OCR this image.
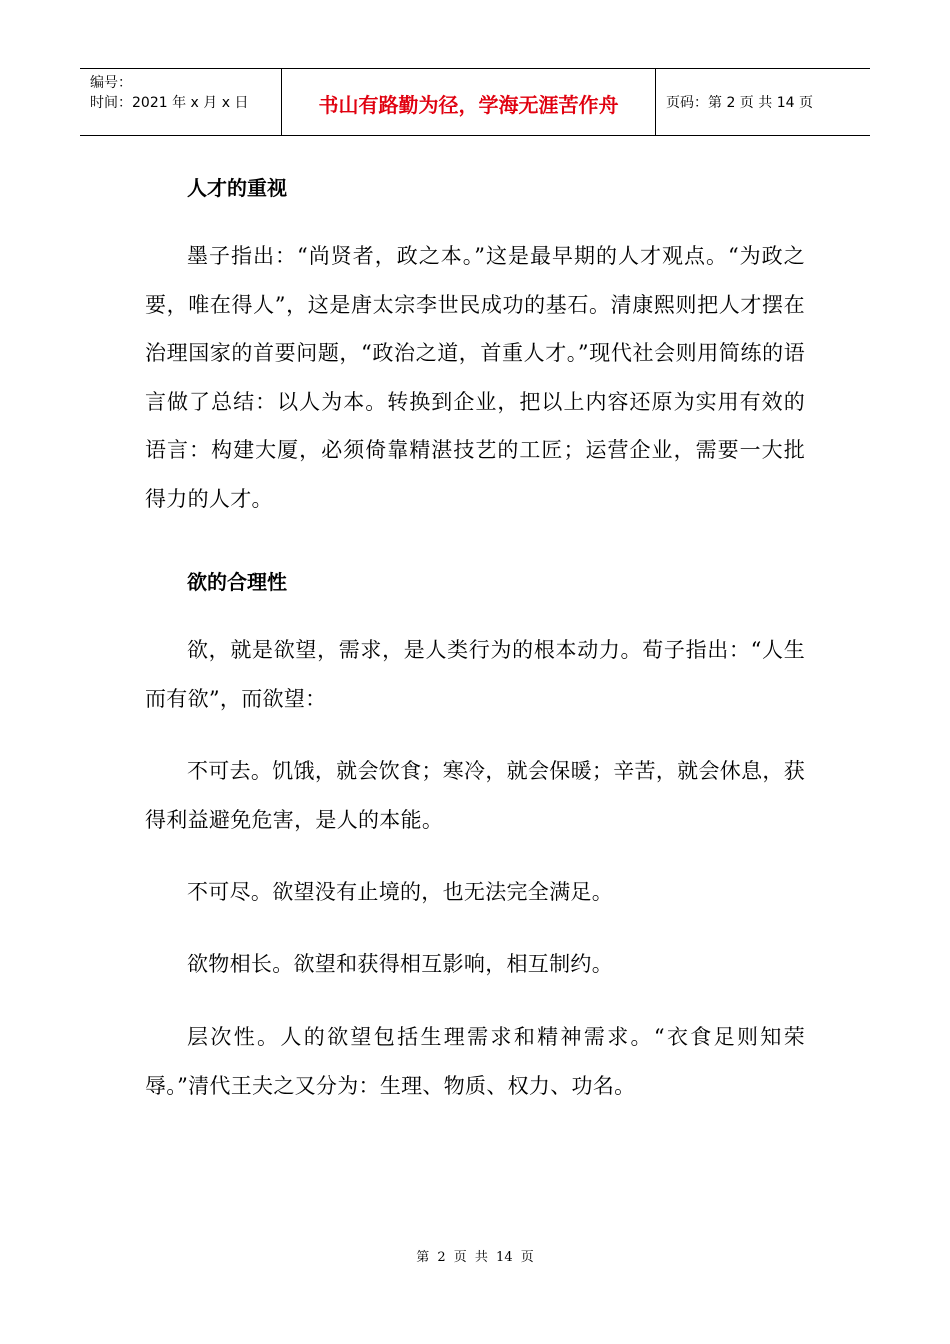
编号：
时间：2021 年 x 月 x 日	书山有路勤为径，学海无涯苦作舟	页码：第 2 页 共 14 页
人才的重视

墨子指出：“尚贤者，政之本。”这是最早期的人才观点。“为政之要，唯在得人”，这是唐太宗李世民成功的基石。清康熙则把人才摆在治理国家的首要问题，“政治之道，首重人才。”现代社会则用简练的语言做了总结：以人为本。转换到企业，把以上内容还原为实用有效的语言：构建大厦，必须倚靠精湛技艺的工匠；运营企业，需要一大批得力的人才。

欲的合理性

欲，就是欲望，需求，是人类行为的根本动力。荀子指出：“人生而有欲”，而欲望：

不可去。饥饿，就会饮食；寒冷，就会保暖；辛苦，就会休息，获得利益避免危害，是人的本能。

不可尽。欲望没有止境的，也无法完全满足。

欲物相长。欲望和获得相互影响，相互制约。

层次性。人的欲望包括生理需求和精神需求。“衣食足则知荣辱。”清代王夫之又分为：生理、物质、权力、功名。

第 2 页 共 14 页
